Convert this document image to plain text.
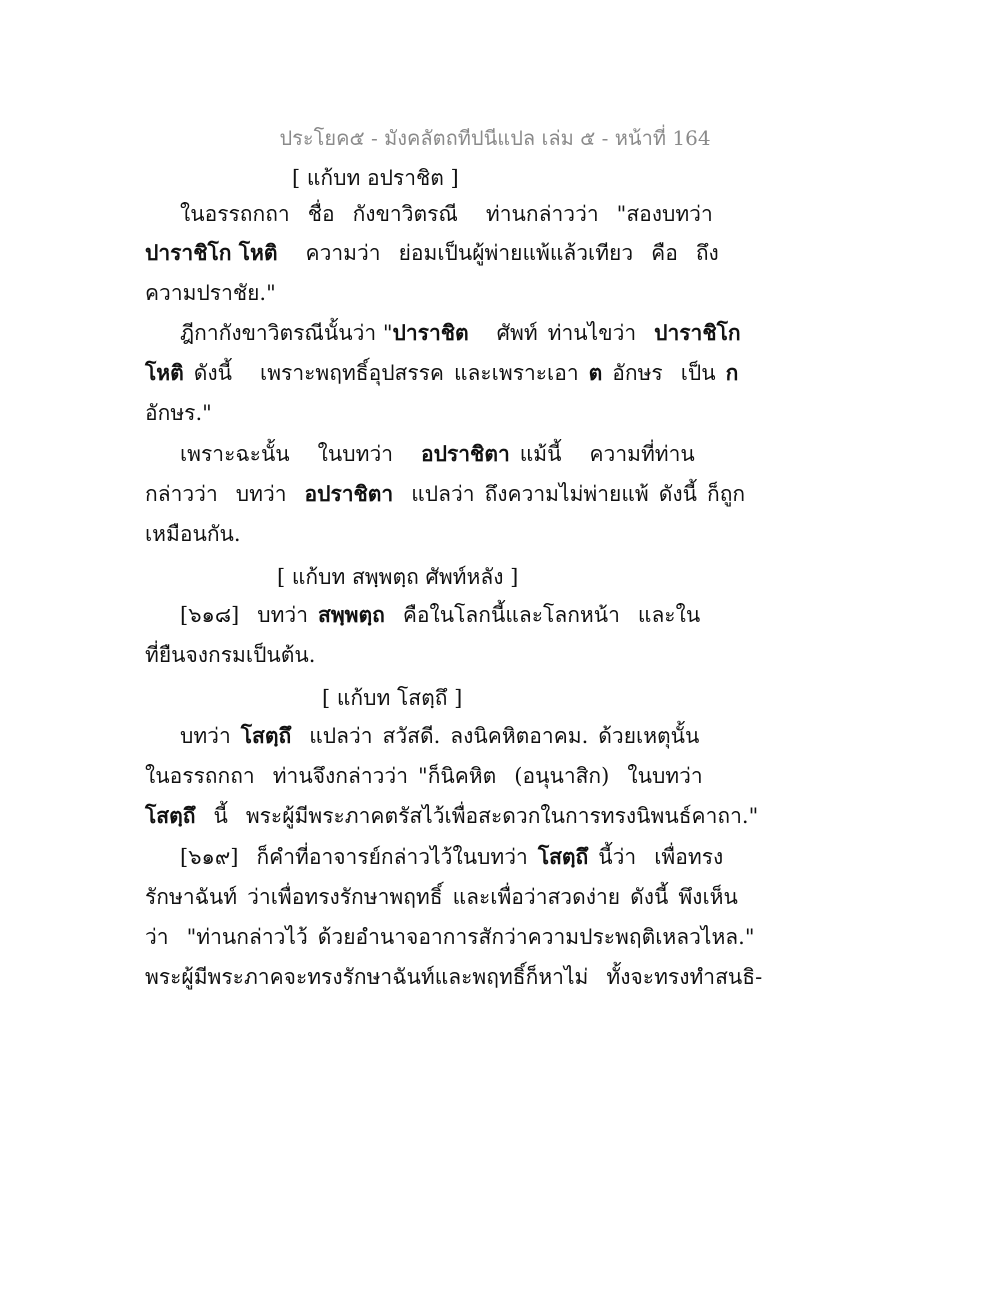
ประโยค๕ - มังคลัตถทีปนีแปล เล่ม ๕ - หน้าที่ 164
[ แก้บท อปราชิต ]
ในอรรถกถา ชื่อ กังขาวิตรณี ท่านกล่าวว่า "สองบทว่า
ปาราชิโก โหติ ความว่า ย่อมเป็นผู้พ่ายแพ้แล้วเทียว คือ ถึง
ความปราชัย."
ฎีกากังขาวิตรณีนั้นว่า "ปาราชิต ศัพท์ ท่านไขว่า ปาราชิโก
โหติ ดังนี้ เพราะพฤทธิ์อุปสรรค และเพราะเอา ต อักษร เป็น ก
อักษร."
เพราะฉะนั้น ในบทว่า อปราชิตา แม้นี้ ความที่ท่าน
กล่าวว่า บทว่า อปราชิตา แปลว่า ถึงความไม่พ่ายแพ้ ดังนี้ ก็ถูก
เหมือนกัน.
[ แก้บท สพฺพตฺถ ศัพท์หลัง ]
[๖๑๘] บทว่า สพฺพตฺถ คือในโลกนี้และโลกหน้า และใน
ที่ยืนจงกรมเป็นต้น.
[ แก้บท โสตฺถึ ]
บทว่า โสตฺถึ แปลว่า สวัสดี. ลงนิคหิตอาคม. ด้วยเหตุนั้น
ในอรรถกถา ท่านจึงกล่าวว่า "ก็นิคหิต (อนุนาสิก) ในบทว่า
โสตฺถึ นี้ พระผู้มีพระภาคตรัสไว้เพื่อสะดวกในการทรงนิพนธ์คาถา."
[๖๑๙] ก็คำที่อาจารย์กล่าวไว้ในบทว่า โสตฺถึ นี้ว่า เพื่อทรง
รักษาฉันท์ ว่าเพื่อทรงรักษาพฤทธิ์ และเพื่อว่าสวดง่าย ดังนี้ พึงเห็น
ว่า "ท่านกล่าวไว้ ด้วยอำนาจอาการสักว่าความประพฤติเหลวไหล."
พระผู้มีพระภาคจะทรงรักษาฉันท์และพฤทธิ์ก็หาไม่ ทั้งจะทรงทำสนธิ-
